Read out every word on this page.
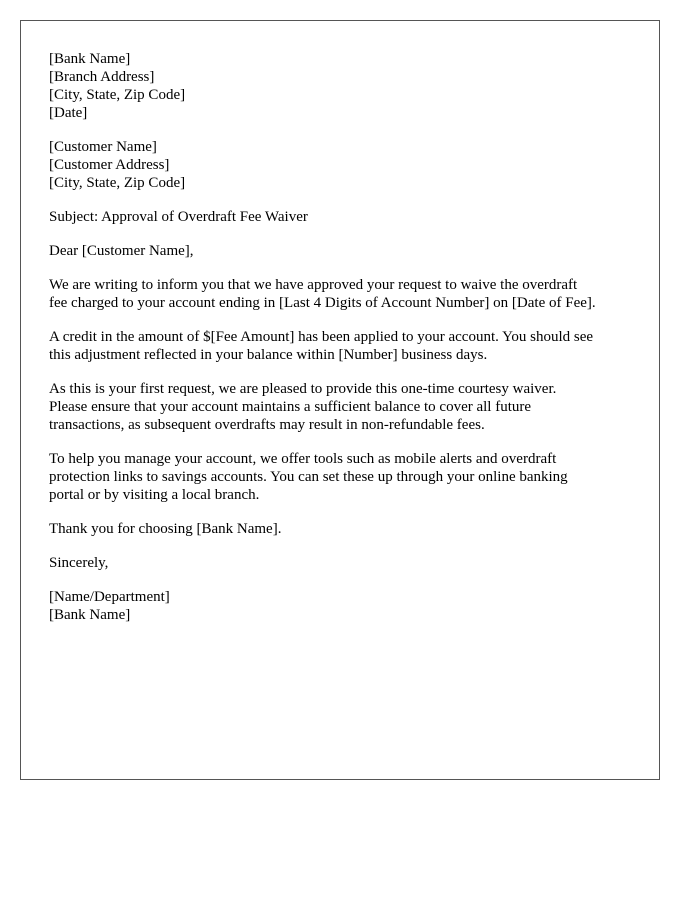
[Bank Name]
[Branch Address]
[City, State, Zip Code]
[Date]
[Customer Name]
[Customer Address]
[City, State, Zip Code]

Subject: Approval of Overdraft Fee Waiver

Dear [Customer Name],

We are writing to inform you that we have approved your request to waive the overdraft
fee charged to your account ending in [Last 4 Digits of Account Number] on [Date of Fee].

A credit in the amount of $[Fee Amount] has been applied to your account. You should see
this adjustment reflected in your balance within [Number] business days.

As this is your first request, we are pleased to provide this one-time courtesy waiver.
Please ensure that your account maintains a sufficient balance to cover all future
transactions, as subsequent overdrafts may result in non-refundable fees.

To help you manage your account, we offer tools such as mobile alerts and overdraft
protection links to savings accounts. You can set these up through your online banking
portal or by visiting a local branch.

Thank you for choosing [Bank Name].

Sincerely,

[Name/Department]
[Bank Name]
